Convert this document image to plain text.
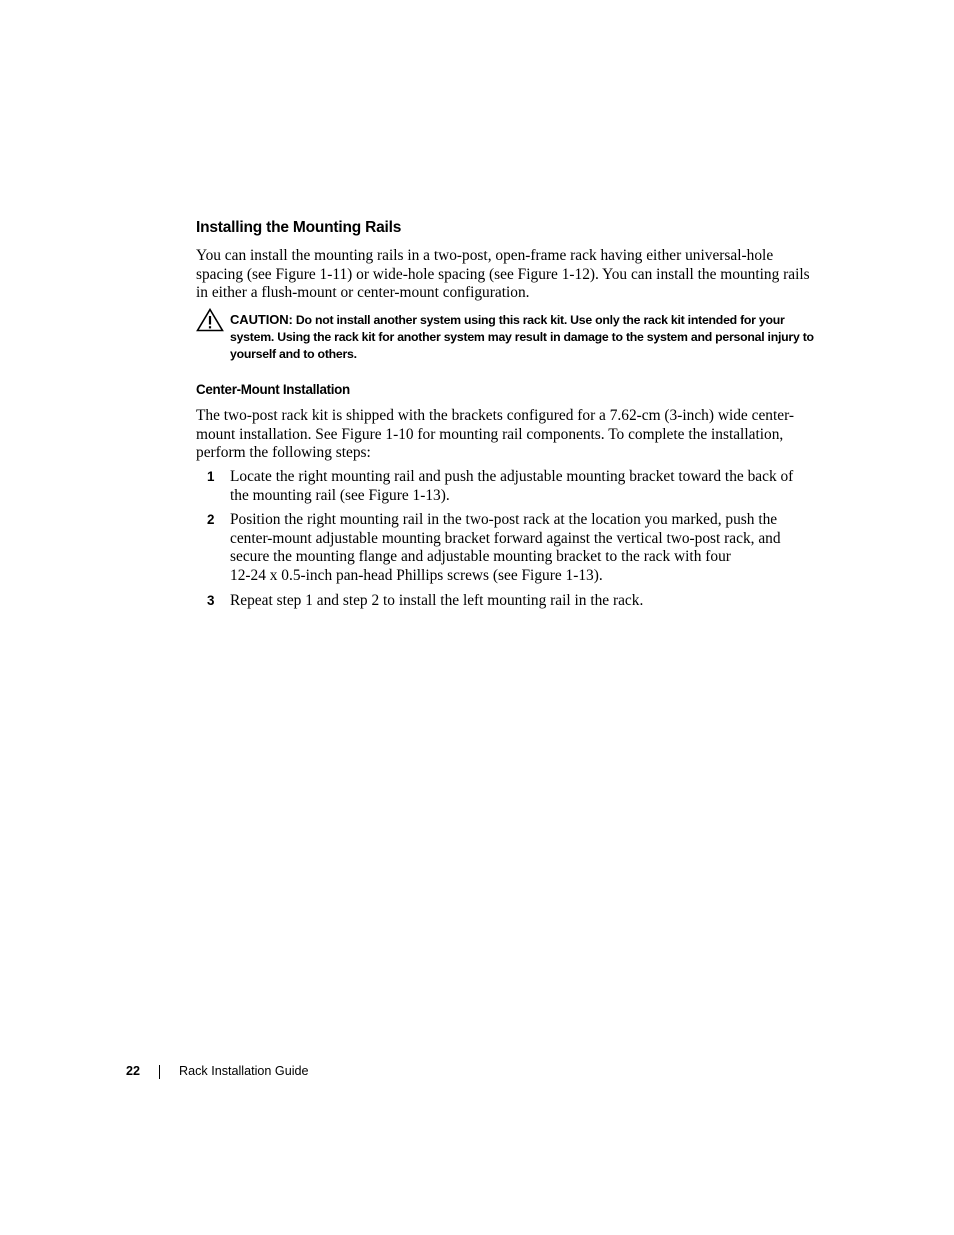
Installing the Mounting Rails

You can install the mounting rails in a two-post, open-frame rack having either universal-hole spacing (see Figure 1-11) or wide-hole spacing (see Figure 1-12). You can install the mounting rails in either a flush-mount or center-mount configuration.

CAUTION: Do not install another system using this rack kit. Use only the rack kit intended for your system. Using the rack kit for another system may result in damage to the system and personal injury to yourself and to others.
Center-Mount Installation

The two-post rack kit is shipped with the brackets configured for a 7.62-cm (3-inch) wide center-mount installation. See Figure 1-10 for mounting rail components. To complete the installation, perform the following steps:

1 Locate the right mounting rail and push the adjustable mounting bracket toward the back of the mounting rail (see Figure 1-13).
2 Position the right mounting rail in the two-post rack at the location you marked, push the center-mount adjustable mounting bracket forward against the vertical two-post rack, and secure the mounting flange and adjustable mounting bracket to the rack with four
12-24 x 0.5-inch pan-head Phillips screws (see Figure 1-13).
3 Repeat step 1 and step 2 to install the left mounting rail in the rack.
22	Rack Installation Guide
